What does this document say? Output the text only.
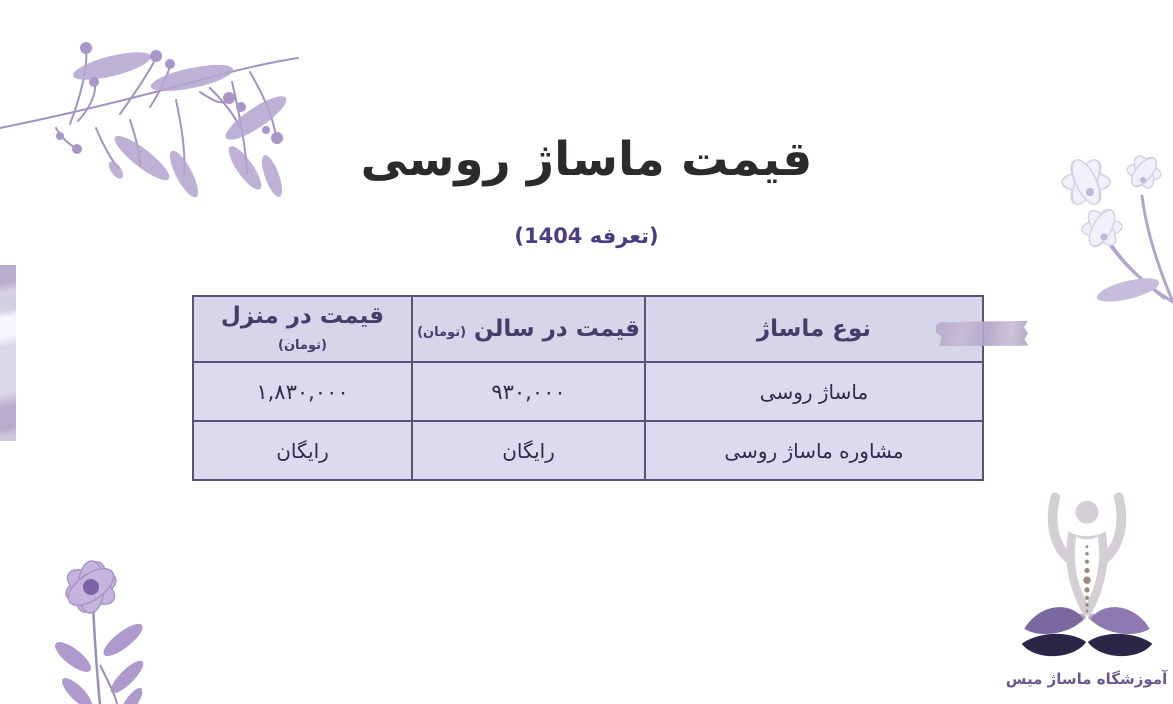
قیمت ماساژ روسی
(تعرفه 1404)
نوع ماساژ	قیمت در سالن (تومان)	قیمت در منزل (تومان)
ماساژ روسی	۹۳۰,۰۰۰	۱,۸۳۰,۰۰۰
مشاوره ماساژ روسی	رایگان	رایگان
آموزشگاه ماساژ میس
